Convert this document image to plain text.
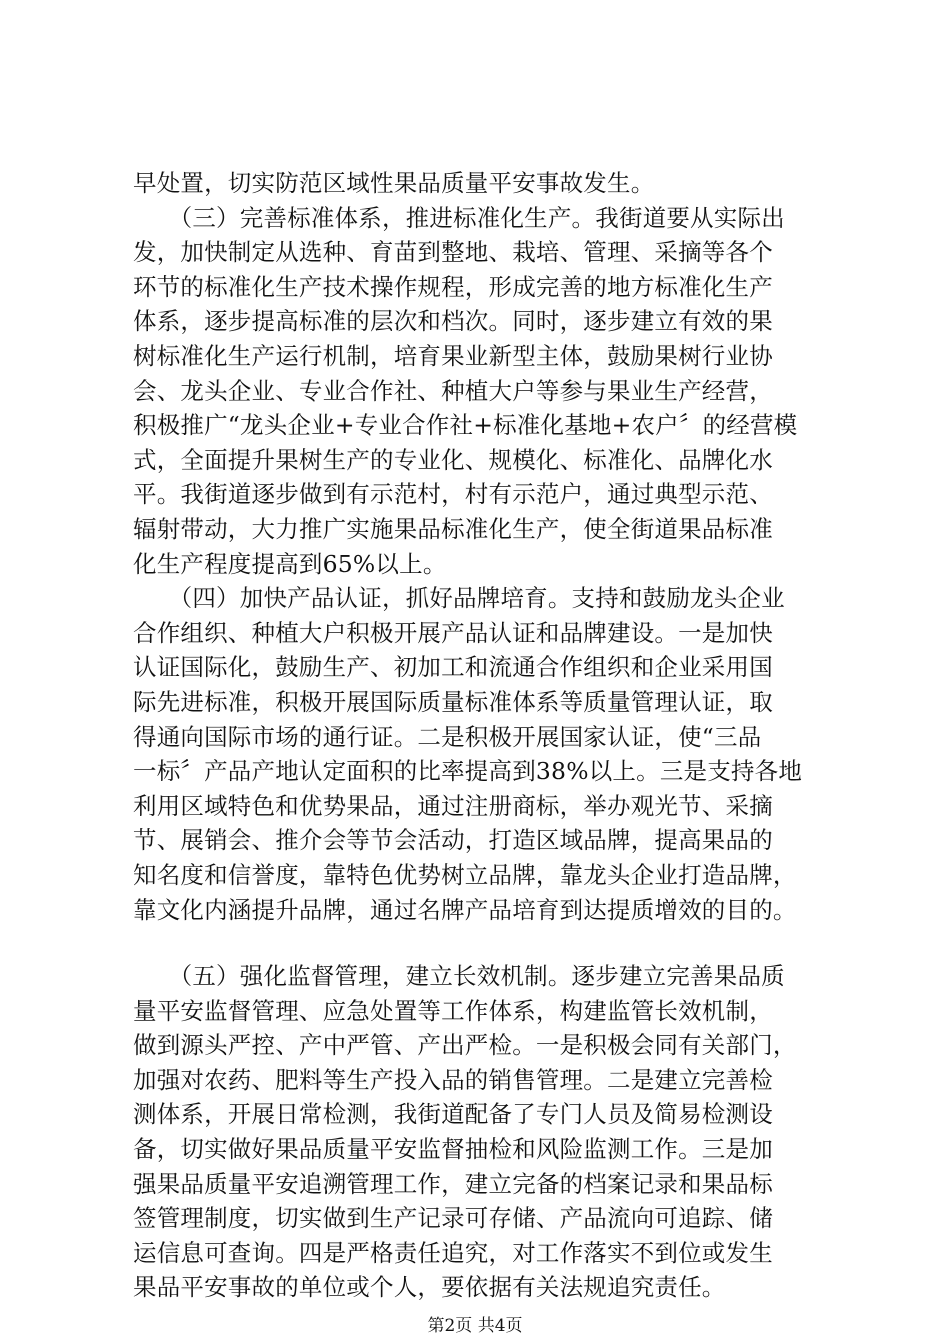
早处置，切实防范区域性果品质量平安事故发生。

　　（三）完善标准体系，推进标准化生产。我街道要从实际出

发，加快制定从选种、育苗到整地、栽培、管理、采摘等各个

环节的标准化生产技术操作规程，形成完善的地方标准化生产

体系，逐步提高标准的层次和档次。同时，逐步建立有效的果

树标准化生产运行机制，培育果业新型主体，鼓励果树行业协

会、龙头企业、专业合作社、种植大户等参与果业生产经营，

积极推广“龙头企业+专业合作社+标准化基地+农户〞的经营模

式，全面提升果树生产的专业化、规模化、标准化、品牌化水

平。我街道逐步做到有示范村，村有示范户，通过典型示范、

辐射带动，大力推广实施果品标准化生产，使全街道果品标准

化生产程度提高到65%以上。

　　（四）加快产品认证，抓好品牌培育。支持和鼓励龙头企业

合作组织、种植大户积极开展产品认证和品牌建设。一是加快

认证国际化，鼓励生产、初加工和流通合作组织和企业采用国

际先进标准，积极开展国际质量标准体系等质量管理认证，取

得通向国际市场的通行证。二是积极开展国家认证，使“三品

一标〞产品产地认定面积的比率提高到38%以上。三是支持各地

利用区域特色和优势果品，通过注册商标，举办观光节、采摘

节、展销会、推介会等节会活动，打造区域品牌，提高果品的

知名度和信誉度，靠特色优势树立品牌，靠龙头企业打造品牌，

靠文化内涵提升品牌，通过名牌产品培育到达提质增效的目的。

　　（五）强化监督管理，建立长效机制。逐步建立完善果品质

量平安监督管理、应急处置等工作体系，构建监管长效机制，

做到源头严控、产中严管、产出严检。一是积极会同有关部门，

加强对农药、肥料等生产投入品的销售管理。二是建立完善检

测体系，开展日常检测，我街道配备了专门人员及简易检测设

备，切实做好果品质量平安监督抽检和风险监测工作。三是加

强果品质量平安追溯管理工作，建立完备的档案记录和果品标

签管理制度，切实做到生产记录可存储、产品流向可追踪、储

运信息可查询。四是严格责任追究，对工作落实不到位或发生

果品平安事故的单位或个人，要依据有关法规追究责任。

第2页 共4页
